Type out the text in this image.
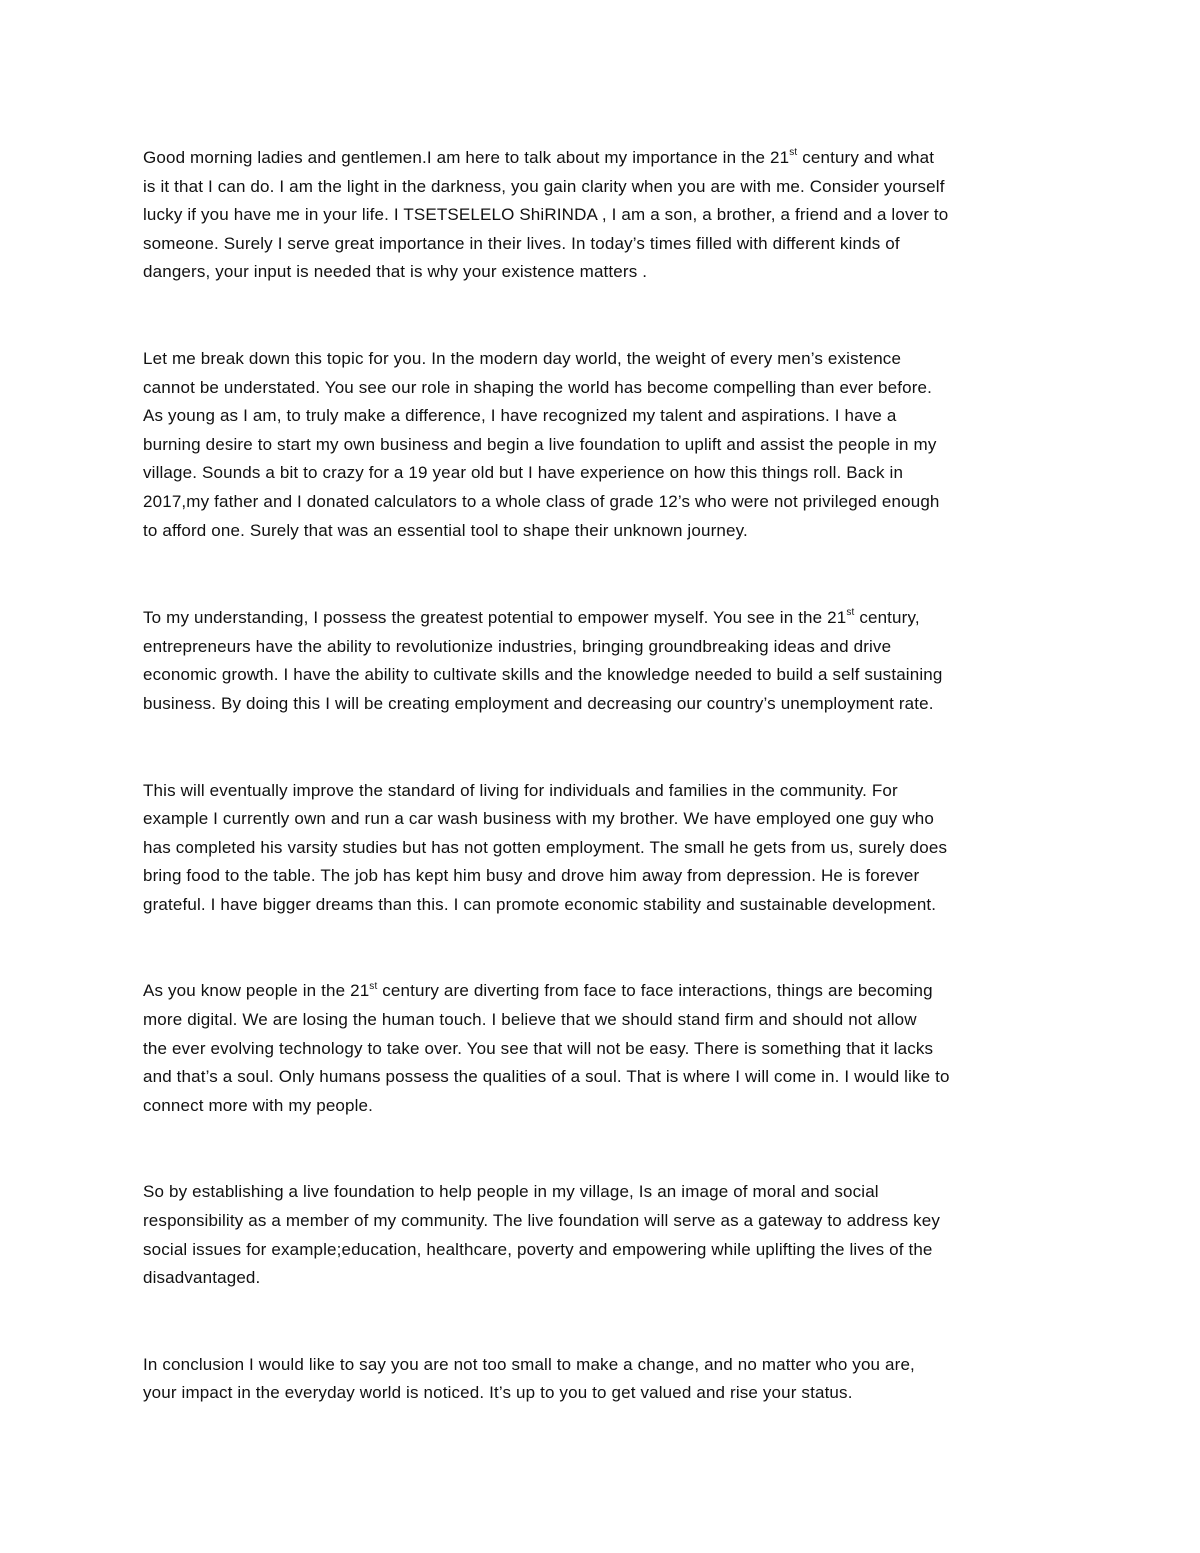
Good morning ladies and gentlemen.I am here to talk about my importance in the 21st century and what
is it that I can do. I am the light in the darkness, you gain clarity when you are with me. Consider yourself
lucky if you have me in your life. I TSETSELELO ShiRINDA , I am a son, a brother, a friend and a lover to
someone. Surely I serve great importance in their lives. In today’s times filled with different kinds of
dangers, your input is needed that is why your existence matters .

Let me break down this topic for you. In the modern day world, the weight of every men’s existence
cannot be understated. You see our role in shaping the world has become compelling than ever before.
As young as I am, to truly make a difference, I have recognized my talent and aspirations. I have a
burning desire to start my own business and begin a live foundation to uplift and assist the people in my
village. Sounds a bit to crazy for a 19 year old but I have experience on how this things roll. Back in
2017,my father and I donated calculators to a whole class of grade 12’s who were not privileged enough
to afford one. Surely that was an essential tool to shape their unknown journey.

To my understanding, I possess the greatest potential to empower myself. You see in the 21st century,
entrepreneurs have the ability to revolutionize industries, bringing groundbreaking ideas and drive
economic growth. I have the ability to cultivate skills and the knowledge needed to build a self sustaining
business. By doing this I will be creating employment and decreasing our country’s unemployment rate.

This will eventually improve the standard of living for individuals and families in the community. For
example I currently own and run a car wash business with my brother. We have employed one guy who
has completed his varsity studies but has not gotten employment. The small he gets from us, surely does
bring food to the table. The job has kept him busy and drove him away from depression. He is forever
grateful. I have bigger dreams than this. I can promote economic stability and sustainable development.

As you know people in the 21st century are diverting from face to face interactions, things are becoming
more digital. We are losing the human touch. I believe that we should stand firm and should not allow
the ever evolving technology to take over. You see that will not be easy. There is something that it lacks
and that’s a soul. Only humans possess the qualities of a soul. That is where I will come in. I would like to
connect more with my people.

So by establishing a live foundation to help people in my village, Is an image of moral and social
responsibility as a member of my community. The live foundation will serve as a gateway to address key
social issues for example;education, healthcare, poverty and empowering while uplifting the lives of the
disadvantaged.

In conclusion I would like to say you are not too small to make a change, and no matter who you are,
your impact in the everyday world is noticed. It’s up to you to get valued and rise your status.
